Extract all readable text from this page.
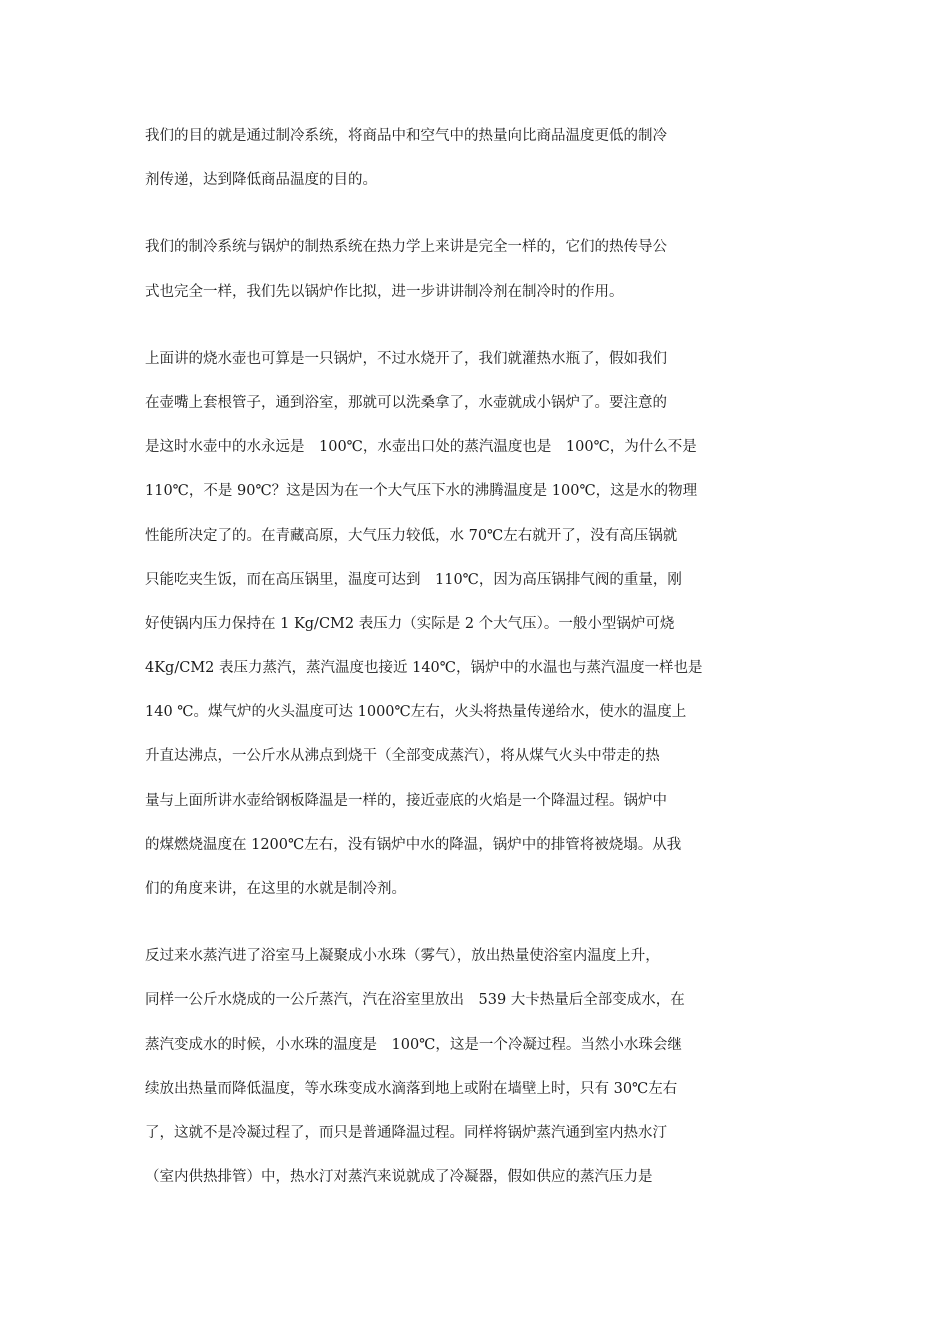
我们的目的就是通过制冷系统，将商品中和空气中的热量向比商品温度更低的制冷
剂传递，达到降低商品温度的目的。
我们的制冷系统与锅炉的制热系统在热力学上来讲是完全一样的，它们的热传导公
式也完全一样，我们先以锅炉作比拟，进一步讲讲制冷剂在制冷时的作用。
上面讲的烧水壶也可算是一只锅炉，不过水烧开了，我们就灌热水瓶了，假如我们
在壶嘴上套根管子，通到浴室，那就可以洗桑拿了，水壶就成小锅炉了。要注意的
是这时水壶中的水永远是　100℃，水壶出口处的蒸汽温度也是　100℃，为什么不是
110℃，不是 90℃？这是因为在一个大气压下水的沸腾温度是 100℃，这是水的物理
性能所决定了的。在青藏高原，大气压力较低，水 70℃左右就开了，没有高压锅就
只能吃夹生饭，而在高压锅里，温度可达到　110℃，因为高压锅排气阀的重量，刚
好使锅内压力保持在 1 Kg/CM2 表压力（实际是 2 个大气压）。一般小型锅炉可烧
4Kg/CM2 表压力蒸汽，蒸汽温度也接近 140℃，锅炉中的水温也与蒸汽温度一样也是
140 ℃。煤气炉的火头温度可达 1000℃左右，火头将热量传递给水，使水的温度上
升直达沸点，一公斤水从沸点到烧干（全部变成蒸汽），将从煤气火头中带走的热
量与上面所讲水壶给钢板降温是一样的，接近壶底的火焰是一个降温过程。锅炉中
的煤燃烧温度在 1200℃左右，没有锅炉中水的降温，锅炉中的排管将被烧塌。从我
们的角度来讲，在这里的水就是制冷剂。
反过来水蒸汽进了浴室马上凝聚成小水珠（雾气），放出热量使浴室内温度上升，
同样一公斤水烧成的一公斤蒸汽，汽在浴室里放出　539 大卡热量后全部变成水，在
蒸汽变成水的时候，小水珠的温度是　100℃，这是一个冷凝过程。当然小水珠会继
续放出热量而降低温度，等水珠变成水滴落到地上或附在墙壁上时，只有 30℃左右
了，这就不是冷凝过程了，而只是普通降温过程。同样将锅炉蒸汽通到室内热水汀
（室内供热排管）中，热水汀对蒸汽来说就成了冷凝器，假如供应的蒸汽压力是
